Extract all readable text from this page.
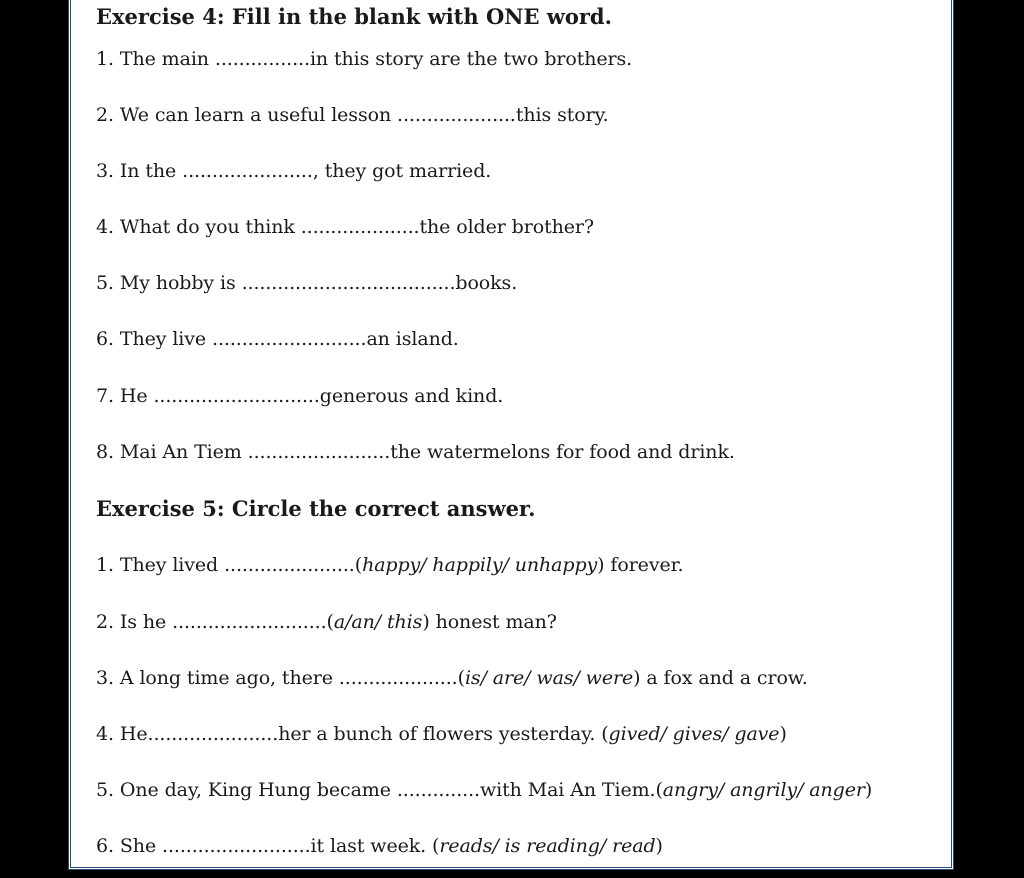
Exercise 4: Fill in the blank with ONE word.
1. The main ................in this story are the two brothers.
2. We can learn a useful lesson ....................this story.
3. In the ......................, they got married.
4. What do you think ....................the older brother?
5. My hobby is ....................................books.
6. They live ..........................an island.
7. He ............................generous and kind.
8. Mai An Tiem ........................the watermelons for food and drink.
Exercise 5: Circle the correct answer.
1. They lived ......................(happy/ happily/ unhappy) forever.
2. Is he ..........................(a/an/ this) honest man?
3. A long time ago, there ....................(is/ are/ was/ were) a fox and a crow.
4. He......................her a bunch of flowers yesterday. (gived/ gives/ gave)
5. One day, King Hung became ..............with Mai An Tiem.(angry/ angrily/ anger)
6. She .........................it last week. (reads/ is reading/ read)
